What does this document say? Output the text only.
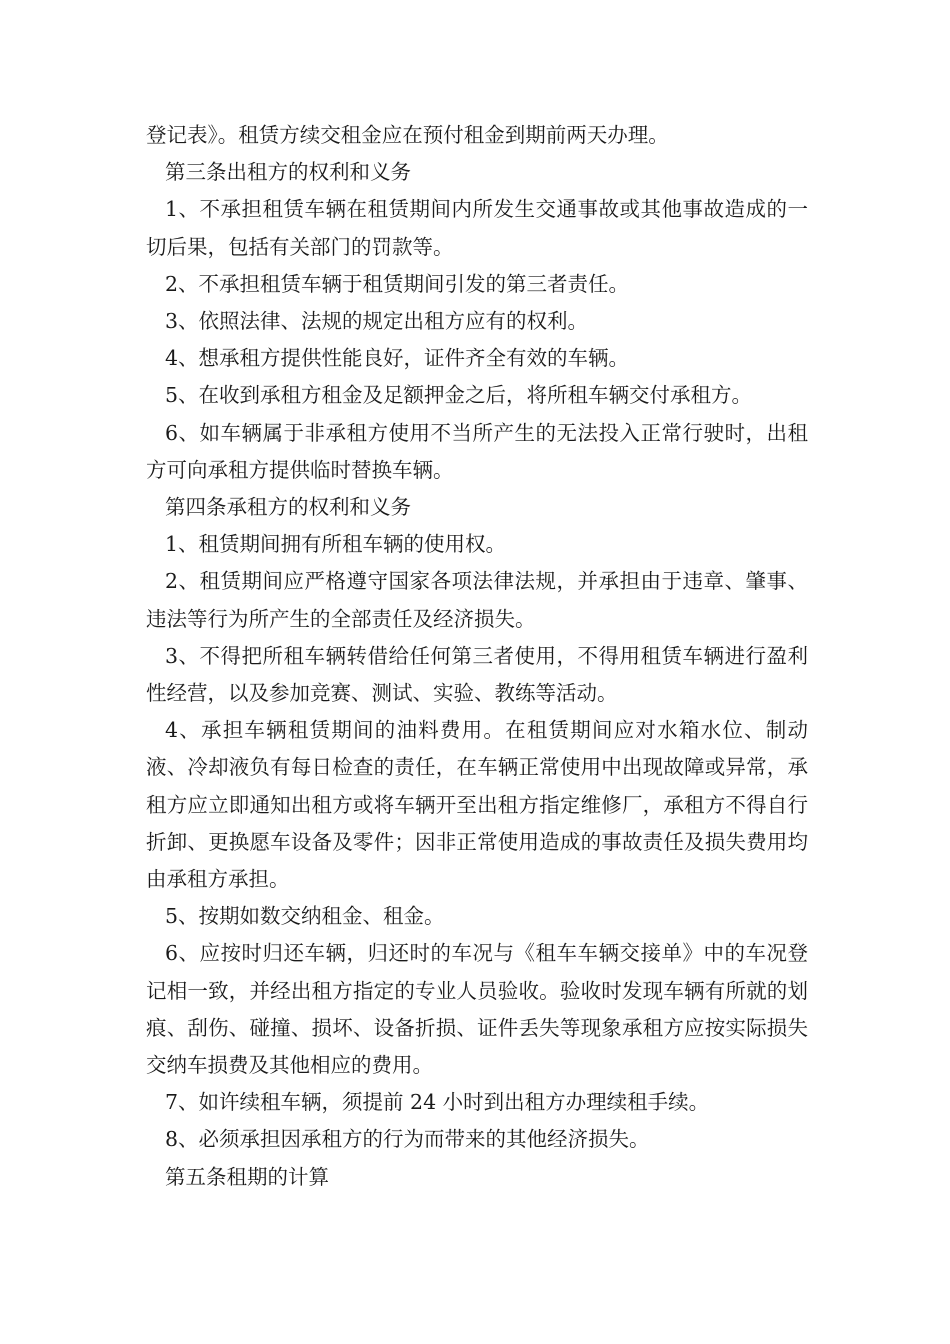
登记表》。租赁方续交租金应在预付租金到期前两天办理。

第三条出租方的权利和义务

1、不承担租赁车辆在租赁期间内所发生交通事故或其他事故造成的一切后果，包括有关部门的罚款等。

2、不承担租赁车辆于租赁期间引发的第三者责任。

3、依照法律、法规的规定出租方应有的权利。

4、想承租方提供性能良好，证件齐全有效的车辆。

5、在收到承租方租金及足额押金之后，将所租车辆交付承租方。

6、如车辆属于非承租方使用不当所产生的无法投入正常行驶时，出租方可向承租方提供临时替换车辆。

第四条承租方的权利和义务

1、租赁期间拥有所租车辆的使用权。

2、租赁期间应严格遵守国家各项法律法规，并承担由于违章、肇事、违法等行为所产生的全部责任及经济损失。

3、不得把所租车辆转借给任何第三者使用，不得用租赁车辆进行盈利性经营，以及参加竞赛、测试、实验、教练等活动。

4、承担车辆租赁期间的油料费用。在租赁期间应对水箱水位、制动液、冷却液负有每日检查的责任，在车辆正常使用中出现故障或异常，承租方应立即通知出租方或将车辆开至出租方指定维修厂，承租方不得自行折卸、更换愿车设备及零件；因非正常使用造成的事故责任及损失费用均由承租方承担。

5、按期如数交纳租金、租金。

6、应按时归还车辆，归还时的车况与《租车车辆交接单》中的车况登记相一致，并经出租方指定的专业人员验收。验收时发现车辆有所就的划痕、刮伤、碰撞、损坏、设备折损、证件丢失等现象承租方应按实际损失交纳车损费及其他相应的费用。

7、如许续租车辆，须提前 24 小时到出租方办理续租手续。

8、必须承担因承租方的行为而带来的其他经济损失。

第五条租期的计算
